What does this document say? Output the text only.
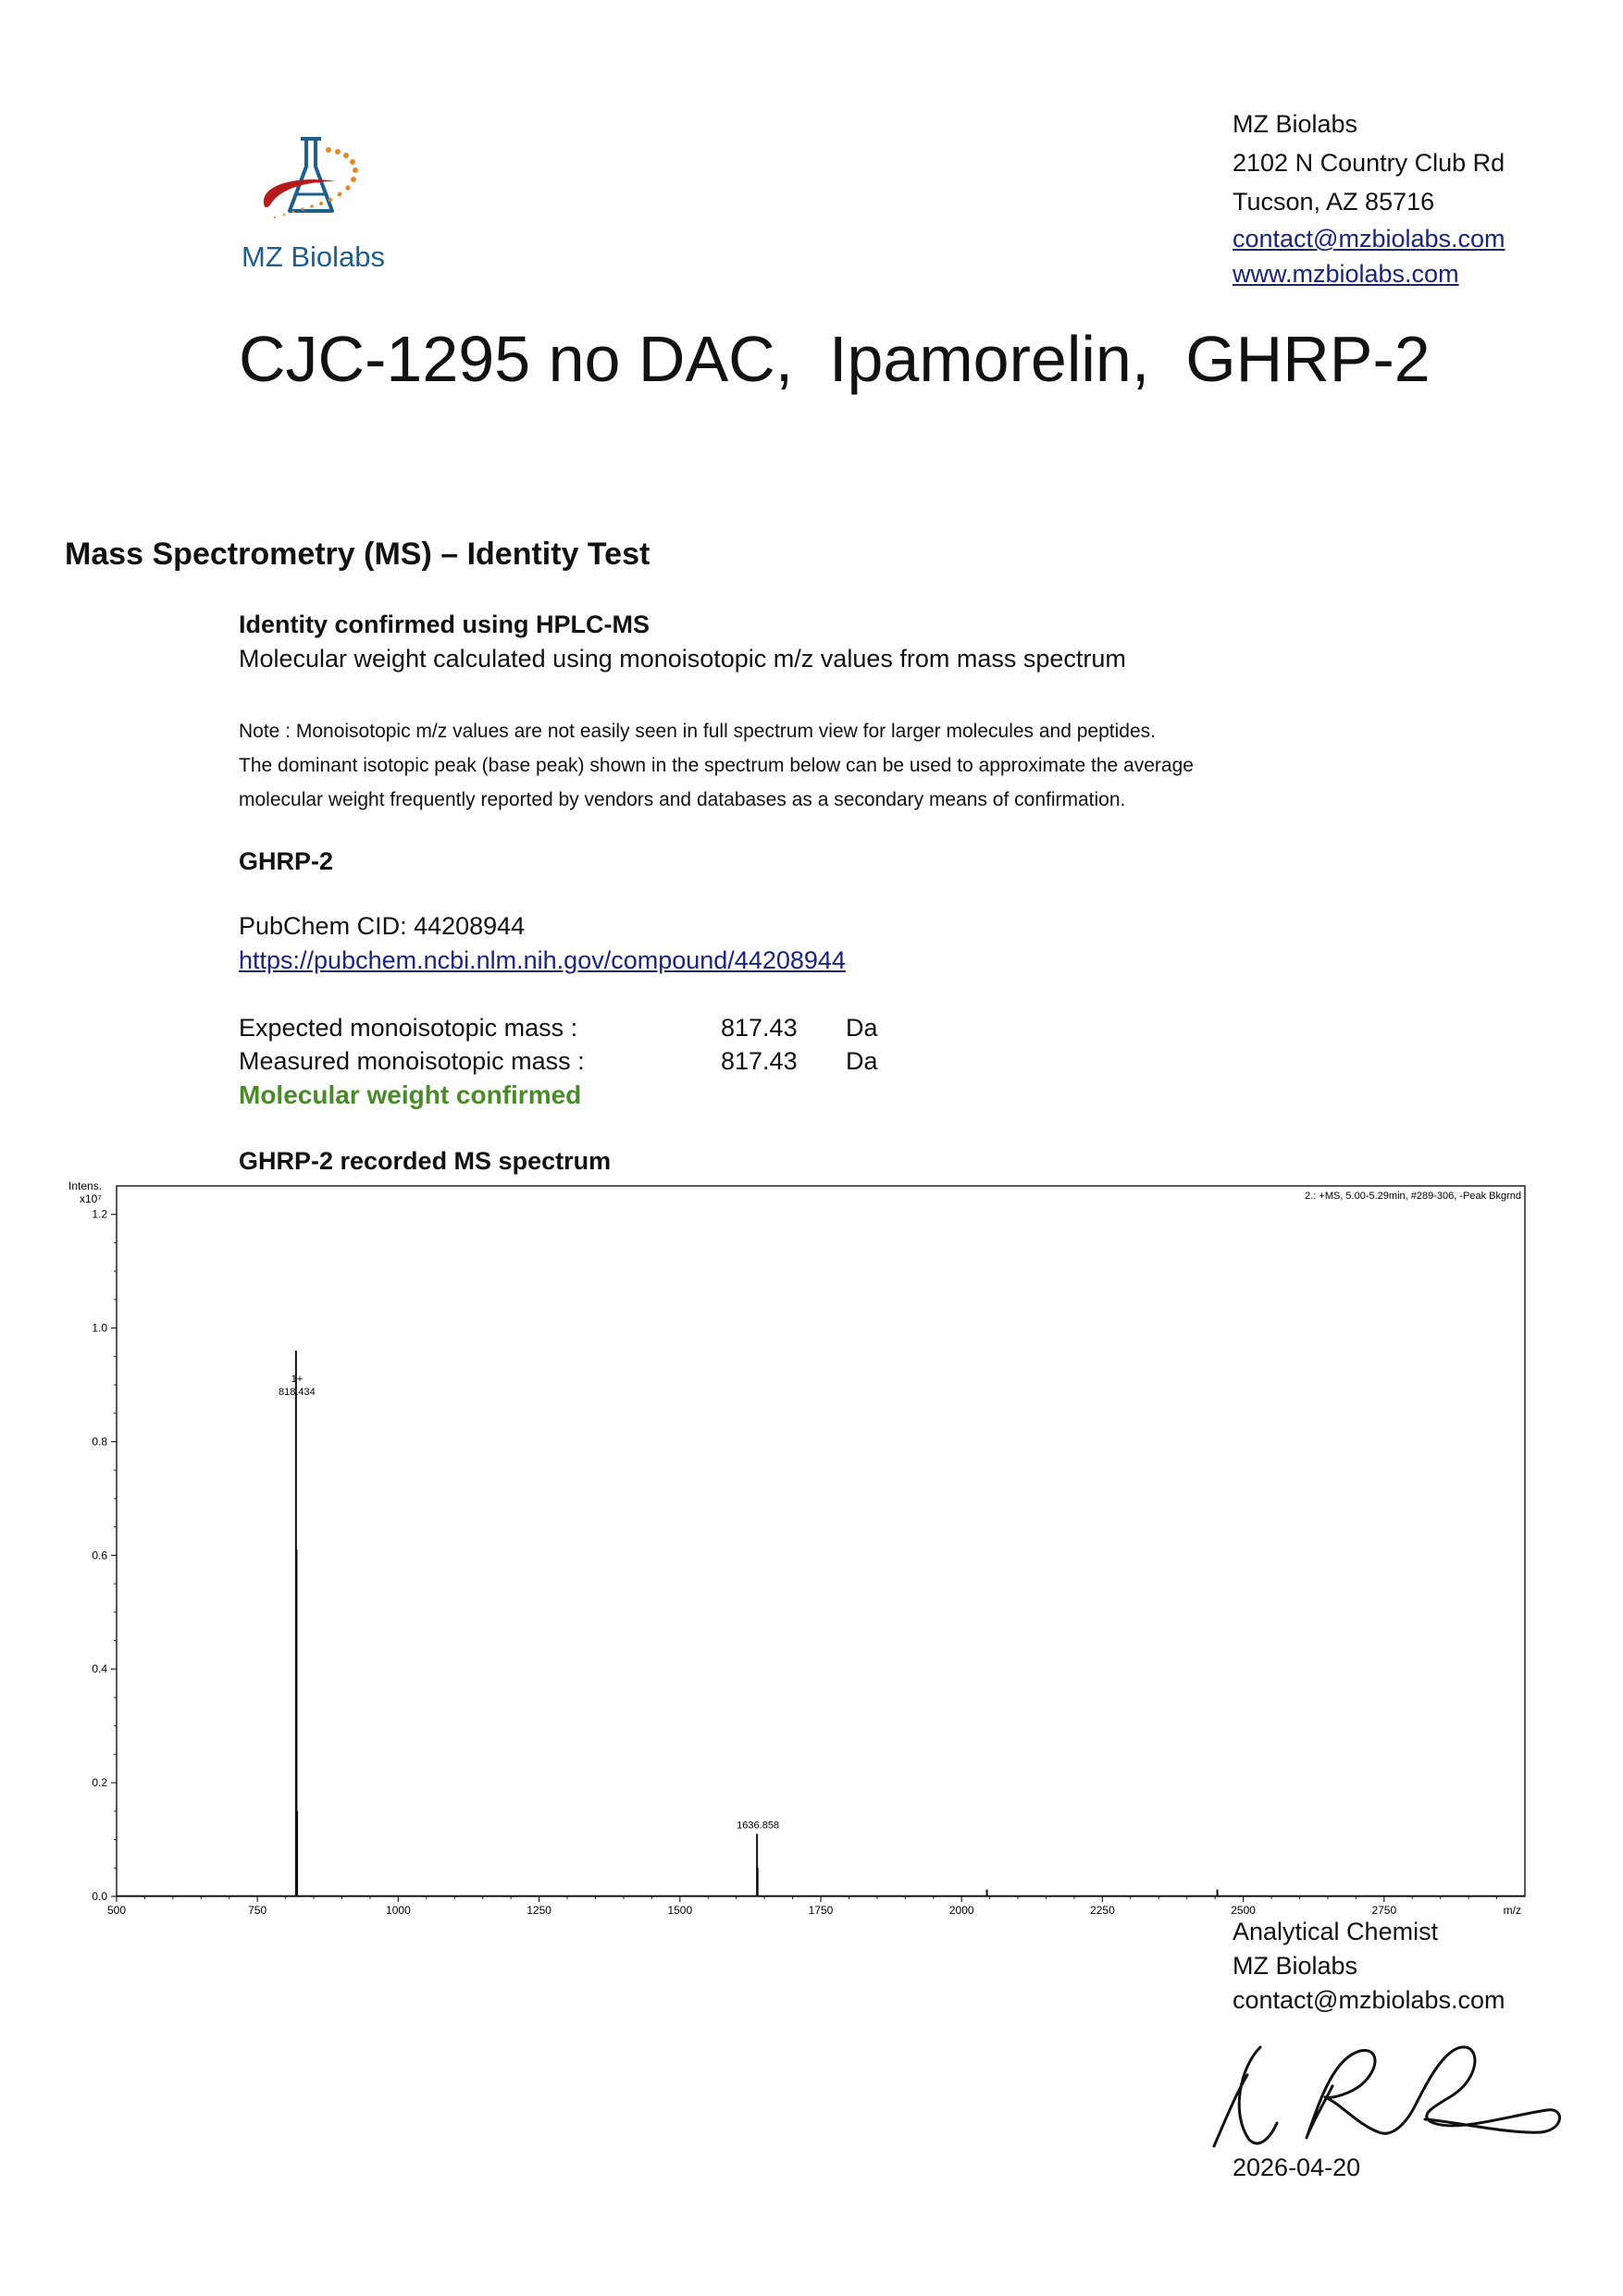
MZ Biolabs
MZ Biolabs
2102 N Country Club Rd
Tucson, AZ 85716
contact@mzbiolabs.com
www.mzbiolabs.com
CJC-1295 no DAC,  Ipamorelin,  GHRP-2
Mass Spectrometry (MS) – Identity Test
Identity confirmed using HPLC-MS
Molecular weight calculated using monoisotopic m/z values from mass spectrum
Note : Monoisotopic m/z values are not easily seen in full spectrum view for larger molecules and peptides.
The dominant isotopic peak (base peak) shown in the spectrum below can be used to approximate the average
molecular weight frequently reported by vendors and databases as a secondary means of confirmation.
GHRP-2
PubChem CID: 44208944
https://pubchem.ncbi.nlm.nih.gov/compound/44208944
Expected monoisotopic mass :	817.43 Da
Measured monoisotopic mass :	817.43 Da
Molecular weight confirmed
GHRP-2 recorded MS spectrum
Intens.
x10⁷
0.0
0.2
0.4
0.6
0.8
1.0
1.2
500	750	1000	1250	1500	1750	2000	2250	2500	2750	m/z
2.: +MS, 5.00-5.29min, #289-306, -Peak Bkgrnd
1+
818.434
1636.858
Analytical Chemist
MZ Biolabs
contact@mzbiolabs.com
2026-04-20
